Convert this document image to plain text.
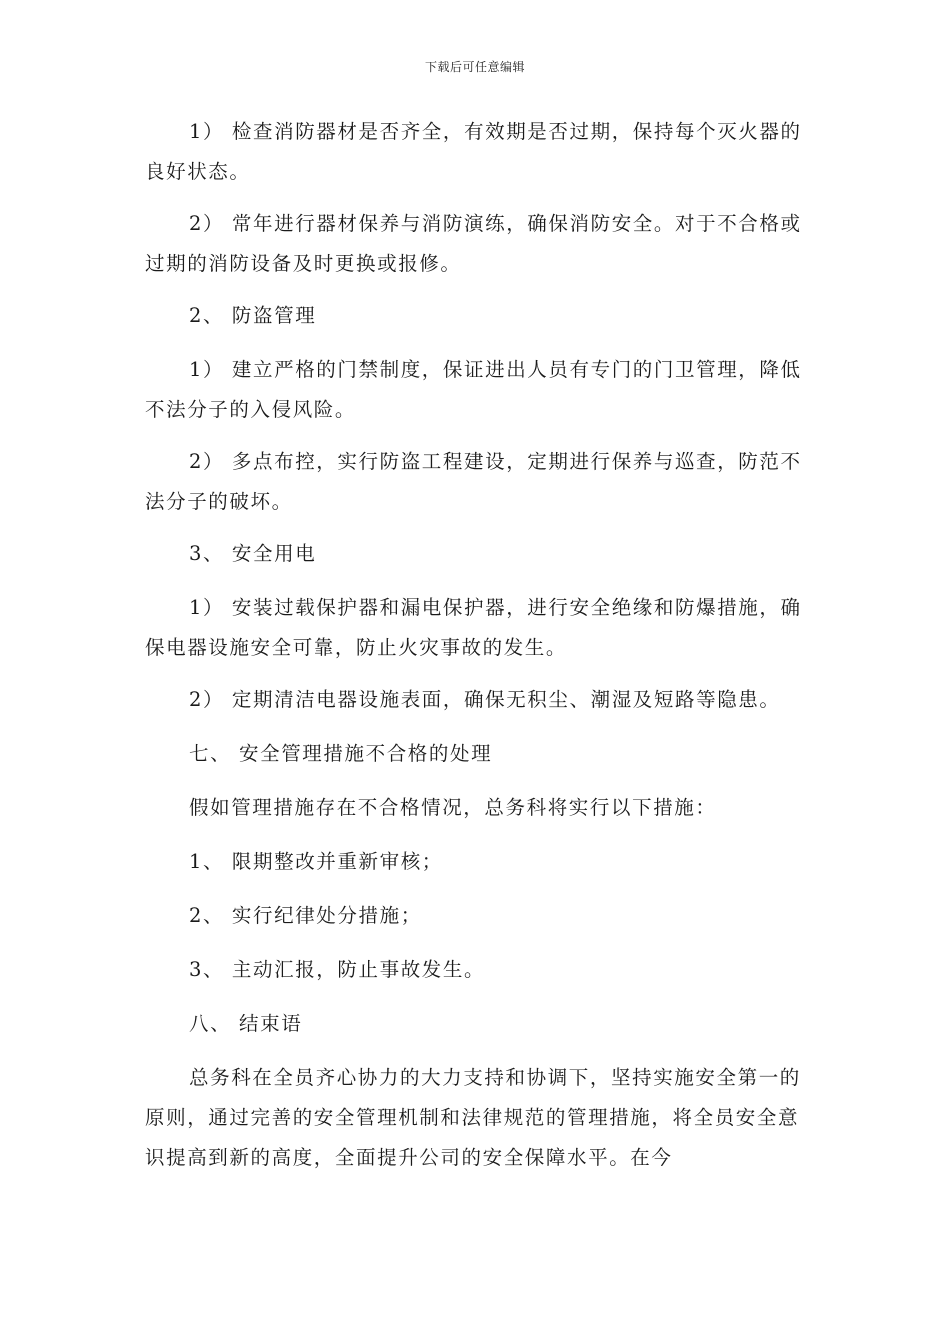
下载后可任意编辑

1） 检查消防器材是否齐全，有效期是否过期，保持每个灭火器的良好状态。

2） 常年进行器材保养与消防演练，确保消防安全。对于不合格或过期的消防设备及时更换或报修。

2、 防盗管理

1） 建立严格的门禁制度，保证进出人员有专门的门卫管理，降低不法分子的入侵风险。

2） 多点布控，实行防盗工程建设，定期进行保养与巡查，防范不法分子的破坏。

3、 安全用电

1） 安装过载保护器和漏电保护器，进行安全绝缘和防爆措施，确保电器设施安全可靠，防止火灾事故的发生。

2） 定期清洁电器设施表面，确保无积尘、潮湿及短路等隐患。

七、 安全管理措施不合格的处理

假如管理措施存在不合格情况，总务科将实行以下措施：

1、 限期整改并重新审核；

2、 实行纪律处分措施；

3、 主动汇报，防止事故发生。

八、 结束语

总务科在全员齐心协力的大力支持和协调下，坚持实施安全第一的原则，通过完善的安全管理机制和法律规范的管理措施，将全员安全意识提高到新的高度，全面提升公司的安全保障水平。在今
